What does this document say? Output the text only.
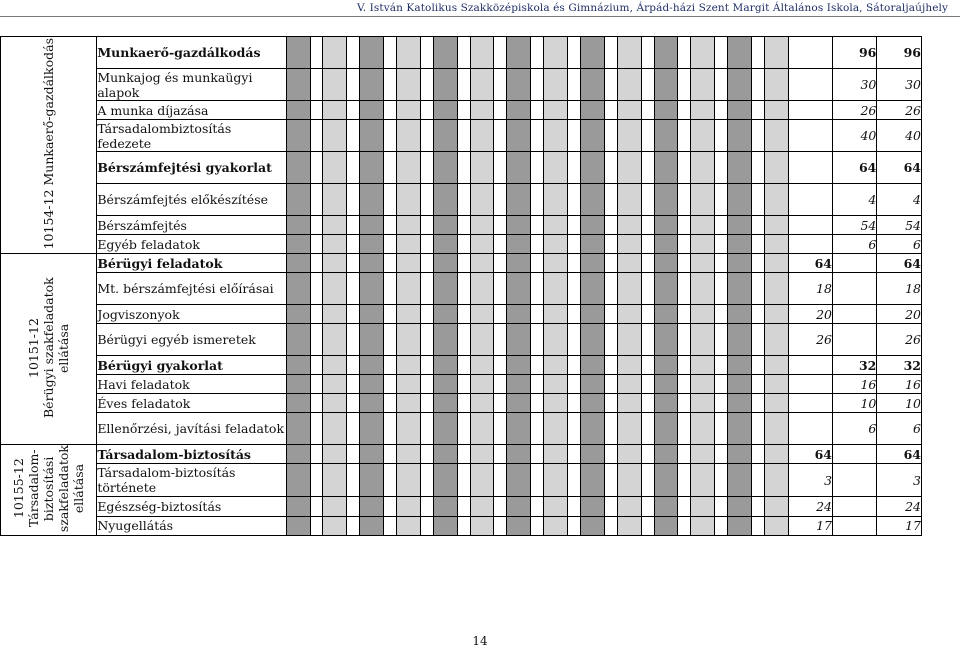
V. István Katolikus Szakközépiskola és Gimnázium, Árpád-házi Szent Margit Általános Iskola, Sátoraljaújhely
10154-12 Munkaerő-gazdálkodás	Munkaerő-gazdálkodás																													96	96
	Munkajog és munkaügyi alapok																													30	30
	A munka díjazása																													26	26
	Társadalombiztosítás fedezete																													40	40
	Bérszámfejtési gyakorlat																													64	64
	Bérszámfejtés előkészítése																													4	4
	Bérszámfejtés																													54	54
	Egyéb feladatok																													6	6
10151-12
Bérügyi szakfeladatok ellátása	Bérügyi feladatok																												64		64
	Mt. bérszámfejtési előírásai																												18		18
	Jogviszonyok																												20		20
	Bérügyi egyéb ismeretek																												26		26
	Bérügyi gyakorlat																													32	32
	Havi feladatok																													16	16
	Éves feladatok																													10	10
	Ellenőrzési, javítási feladatok																													6	6
10155-12
Társadalom-
biztosítási
szakfeladatok
ellátása	Társadalom-biztosítás																												64		64
	Társadalom-biztosítás története																												3		3
	Egészség-biztosítás																												24		24
	Nyugellátás																												17		17
14
